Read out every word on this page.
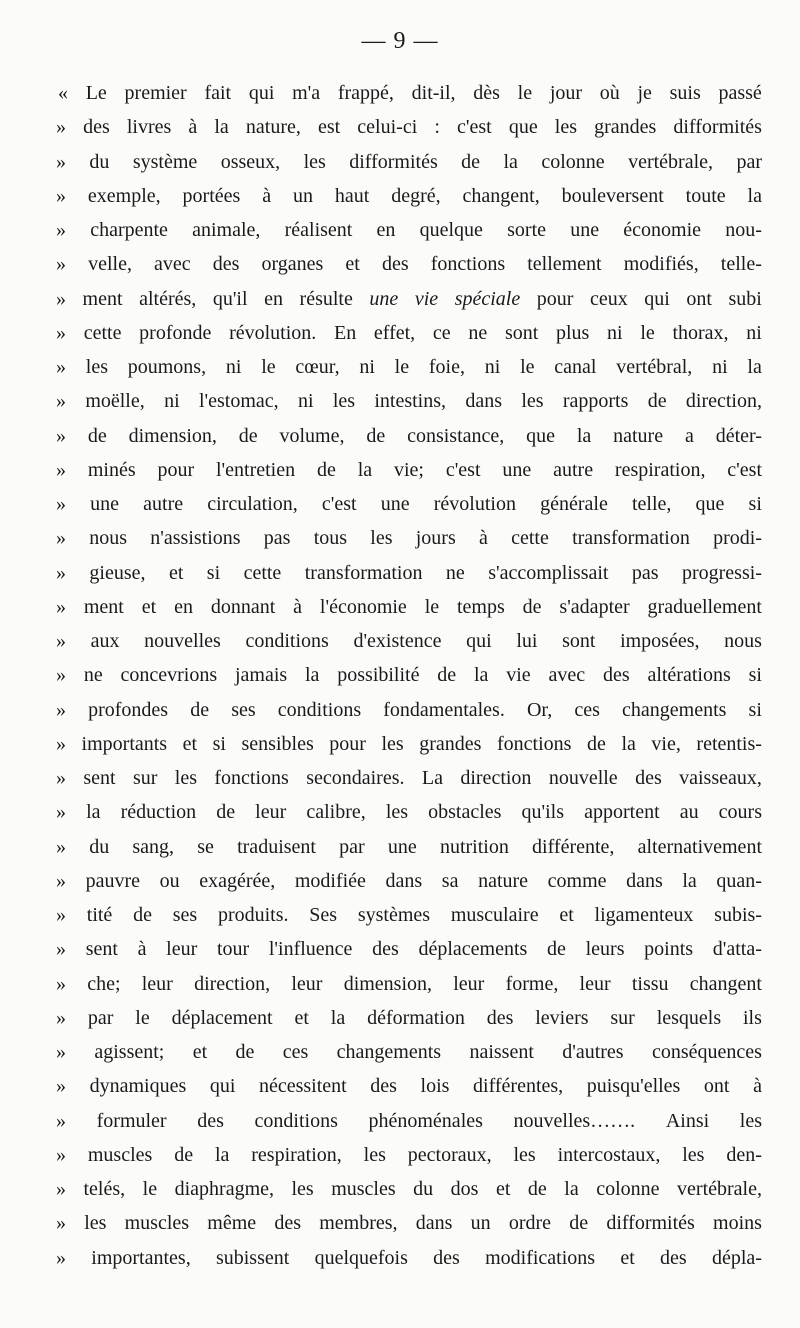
— 9 —
« Le premier fait qui m'a frappé, dit-il, dès le jour où je suis passé
» des livres à la nature, est celui-ci : c'est que les grandes difformités
» du système osseux, les difformités de la colonne vertébrale, par
» exemple, portées à un haut degré, changent, bouleversent toute la
» charpente animale, réalisent en quelque sorte une économie nou-
» velle, avec des organes et des fonctions tellement modifiés, telle-
» ment altérés, qu'il en résulte une vie spéciale pour ceux qui ont subi
» cette profonde révolution. En effet, ce ne sont plus ni le thorax, ni
» les poumons, ni le cœur, ni le foie, ni le canal vertébral, ni la
» moëlle, ni l'estomac, ni les intestins, dans les rapports de direction,
» de dimension, de volume, de consistance, que la nature a déter-
» minés pour l'entretien de la vie; c'est une autre respiration, c'est
» une autre circulation, c'est une révolution générale telle, que si
» nous n'assistions pas tous les jours à cette transformation prodi-
» gieuse, et si cette transformation ne s'accomplissait pas progressi-
» ment et en donnant à l'économie le temps de s'adapter graduellement
» aux nouvelles conditions d'existence qui lui sont imposées, nous
» ne concevrions jamais la possibilité de la vie avec des altérations si
» profondes de ses conditions fondamentales. Or, ces changements si
» importants et si sensibles pour les grandes fonctions de la vie, retentis-
» sent sur les fonctions secondaires. La direction nouvelle des vaisseaux,
» la réduction de leur calibre, les obstacles qu'ils apportent au cours
» du sang, se traduisent par une nutrition différente, alternativement
» pauvre ou exagérée, modifiée dans sa nature comme dans la quan-
» tité de ses produits. Ses systèmes musculaire et ligamenteux subis-
» sent à leur tour l'influence des déplacements de leurs points d'atta-
» che; leur direction, leur dimension, leur forme, leur tissu changent
» par le déplacement et la déformation des leviers sur lesquels ils
» agissent; et de ces changements naissent d'autres conséquences
» dynamiques qui nécessitent des lois différentes, puisqu'elles ont à
» formuler des conditions phénoménales nouvelles……. Ainsi les
» muscles de la respiration, les pectoraux, les intercostaux, les den-
» telés, le diaphragme, les muscles du dos et de la colonne vertébrale,
» les muscles même des membres, dans un ordre de difformités moins
» importantes, subissent quelquefois des modifications et des dépla-
